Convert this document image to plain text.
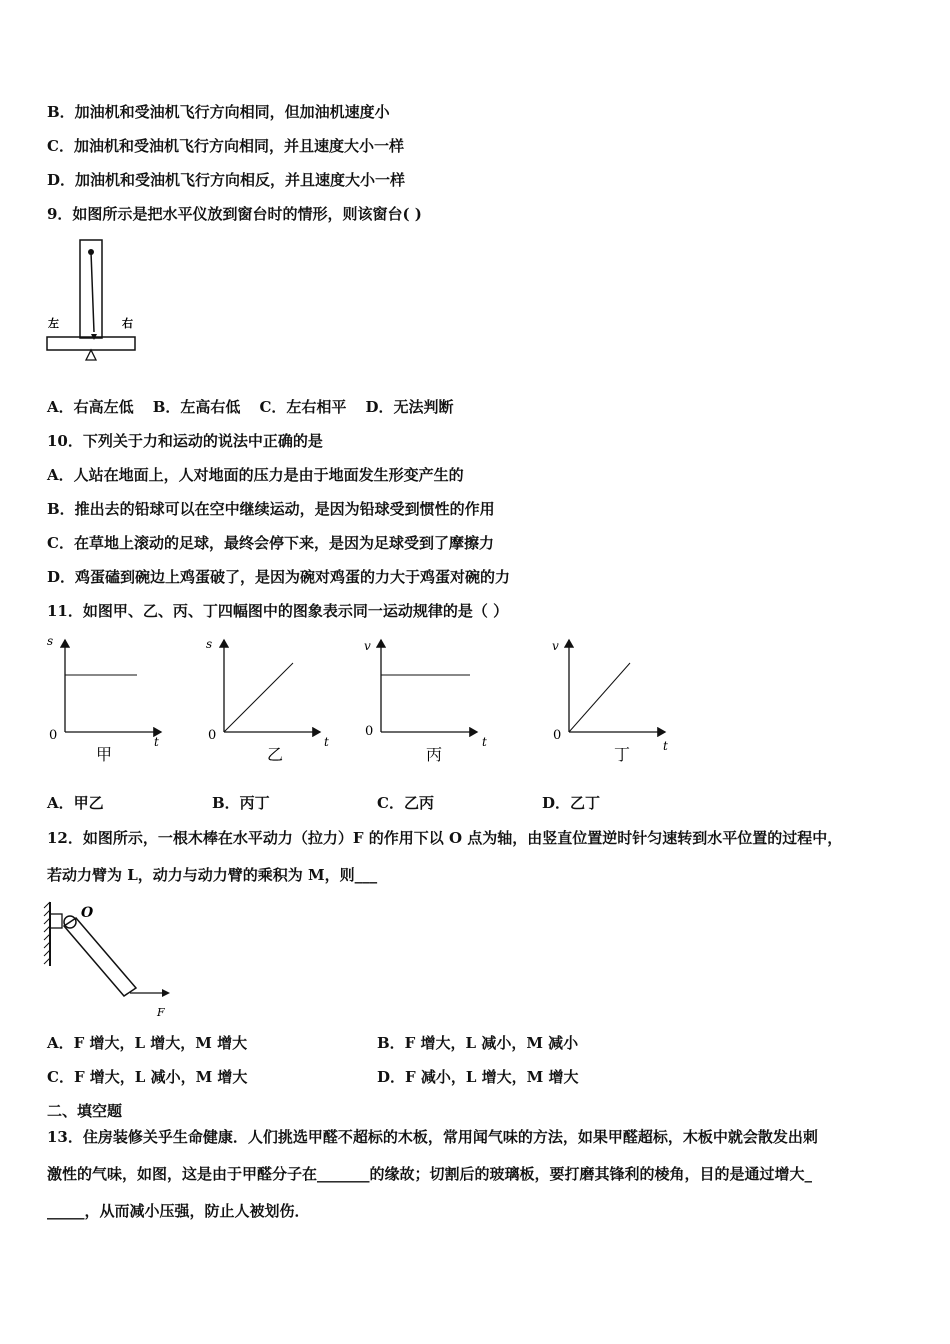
B．加油机和受油机飞行方向相同，但加油机速度小
C．加油机和受油机飞行方向相同，并且速度大小一样
D．加油机和受油机飞行方向相反，并且速度大小一样
9．如图所示是把水平仪放到窗台时的情形，则该窗台( )
左	右
A．右高左低 B．左高右低 C．左右相平 D．无法判断
10．下列关于力和运动的说法中正确的是
A．人站在地面上，人对地面的压力是由于地面发生形变产生的
B．推出去的铅球可以在空中继续运动，是因为铅球受到惯性的作用
C．在草地上滚动的足球，最终会停下来，是因为足球受到了摩擦力
D．鸡蛋磕到碗边上鸡蛋破了，是因为碗对鸡蛋的力大于鸡蛋对碗的力
11．如图甲、乙、丙、丁四幅图中的图象表示同一运动规律的是（ ）
s
t
0
甲
s
t
0
乙
v
t
0
丙
v
t
0
丁
A．甲乙	B．丙丁	C．乙丙	D．乙丁
12．如图所示，一根木棒在水平动力（拉力）F 的作用下以 O 点为轴，由竖直位置逆时针匀速转到水平位置的过程中，
若动力臂为 L，动力与动力臂的乘积为 M，则___
O
F
A．F 增大，L 增大，M 增大	B．F 增大，L 减小，M 减小
C．F 增大，L 减小，M 增大	D．F 减小，L 增大，M 增大
二、填空题
13．住房装修关乎生命健康．人们挑选甲醛不超标的木板，常用闻气味的方法，如果甲醛超标，木板中就会散发出刺
激性的气味，如图，这是由于甲醛分子在_______的缘故；切割后的玻璃板，要打磨其锋利的棱角，目的是通过增大_
_____，从而减小压强，防止人被划伤．
